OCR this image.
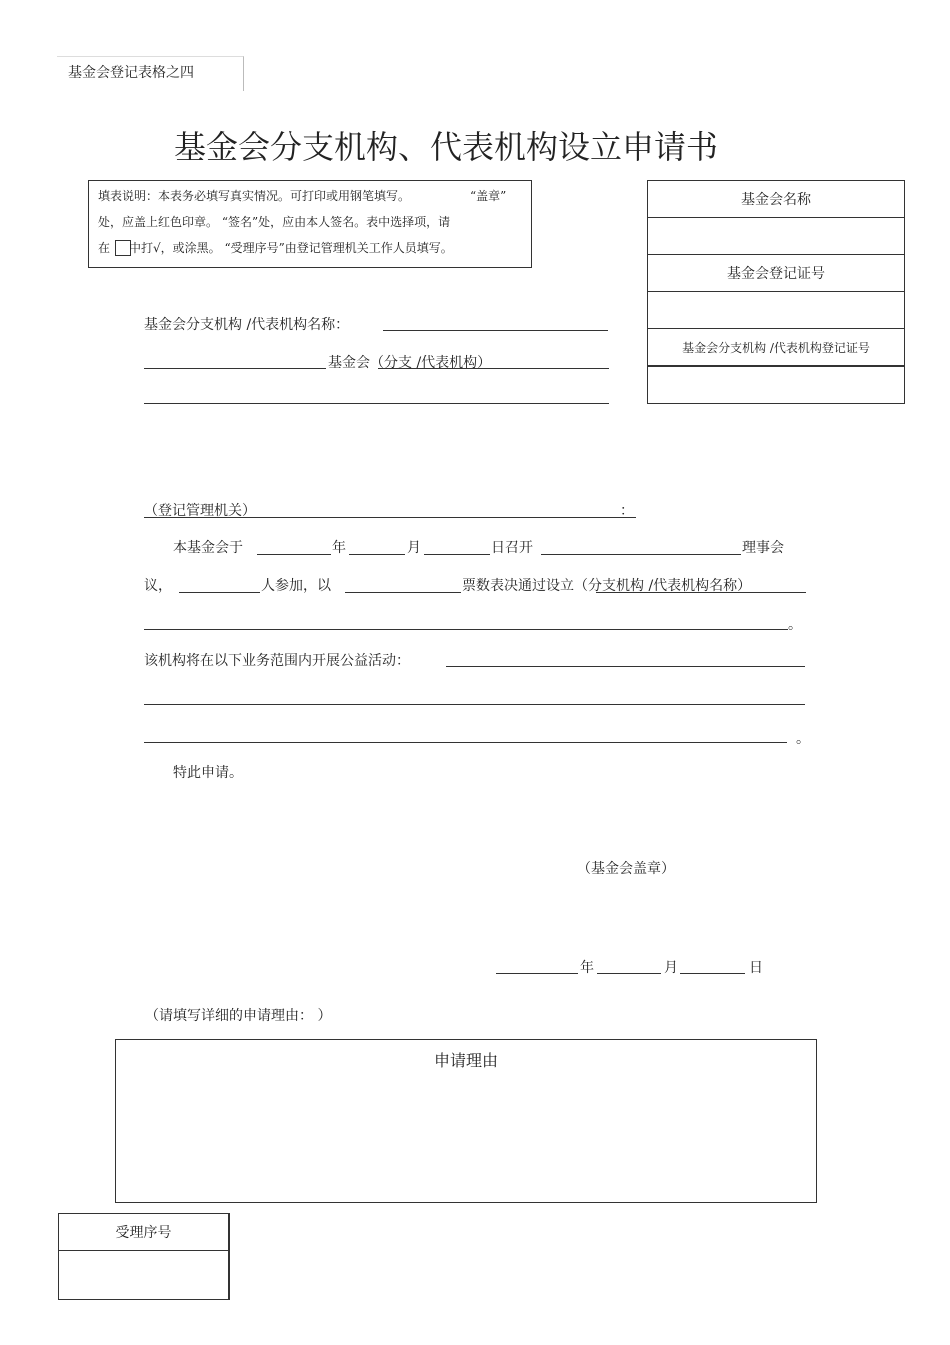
基金会登记表格之四
基金会分支机构、代表机构设立申请书
填表说明：本表务必填写真实情况。可打印或用钢笔填写。	“盖章”
处，应盖上红色印章。 “签名”处，应由本人签名。表中选择项，请
在 中打√，或涂黑。 “受理序号”由登记管理机关工作人员填写。
基金会名称
基金会登记证号
基金会分支机构 /代表机构登记证号
基金会分支机构 /代表机构名称：
基金会（分支 /代表机构）
（登记管理机关）	：
本基金会于	年	月	日召开	理事会
议，	人参加，以	票数表决通过设立（分支机构 /代表机构名称）
。
该机构将在以下业务范围内开展公益活动：
。
特此申请。
（基金会盖章）
年	月	日
（请填写详细的申请理由： ）
申请理由
受理序号
